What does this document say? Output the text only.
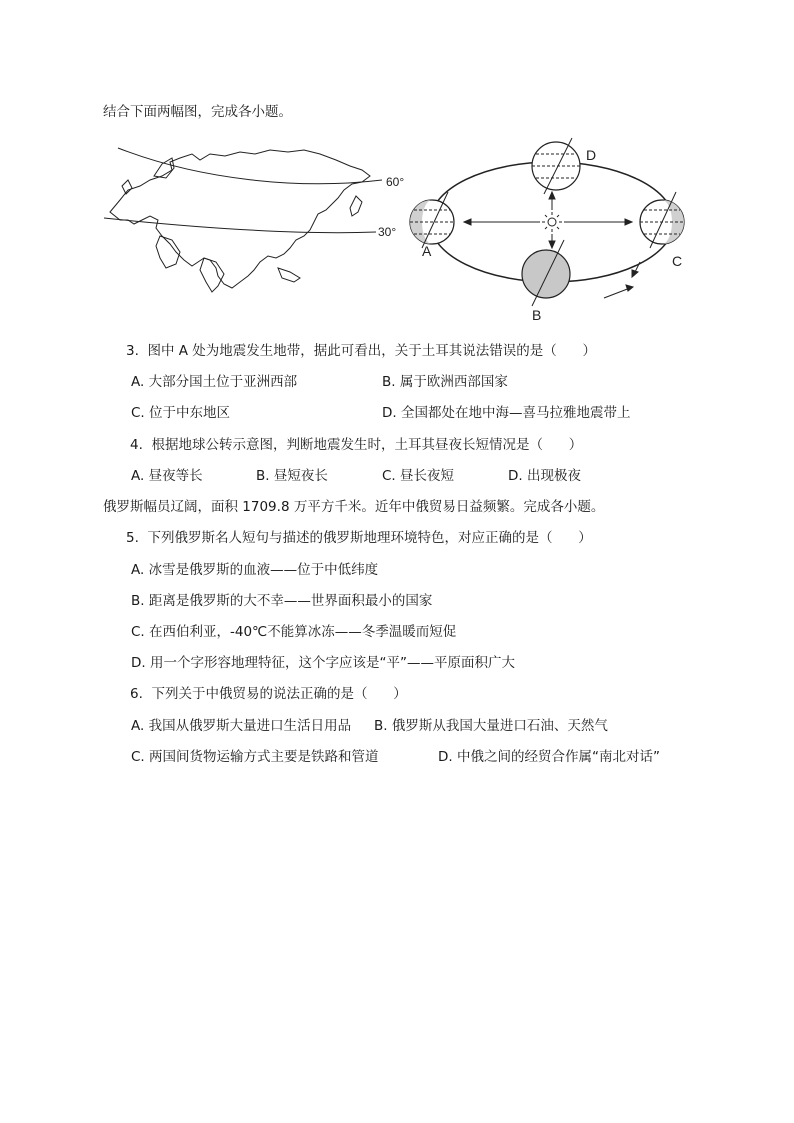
结合下面两幅图，完成各小题。
60°
30°
A
B
C
D
3.  图中 A 处为地震发生地带，据此可看出，关于土耳其说法错误的是（      ）
A. 大部分国土位于亚洲西部	B. 属于欧洲西部国家
C. 位于中东地区	D. 全国都处在地中海—喜马拉雅地震带上
4.  根据地球公转示意图，判断地震发生时，土耳其昼夜长短情况是（      ）
A. 昼夜等长	B. 昼短夜长	C. 昼长夜短	D. 出现极夜
俄罗斯幅员辽阔，面积 1709.8 万平方千米。近年中俄贸易日益频繁。完成各小题。
5.  下列俄罗斯名人短句与描述的俄罗斯地理环境特色，对应正确的是（      ）
A. 冰雪是俄罗斯的血液——位于中低纬度
B. 距离是俄罗斯的大不幸——世界面积最小的国家
C. 在西伯利亚，-40℃不能算冰冻——冬季温暖而短促
D. 用一个字形容地理特征，这个字应该是“平”——平原面积广大
6.  下列关于中俄贸易的说法正确的是（      ）
A. 我国从俄罗斯大量进口生活日用品 B. 俄罗斯从我国大量进口石油、天然气
C. 两国间货物运输方式主要是铁路和管道	D. 中俄之间的经贸合作属“南北对话”
